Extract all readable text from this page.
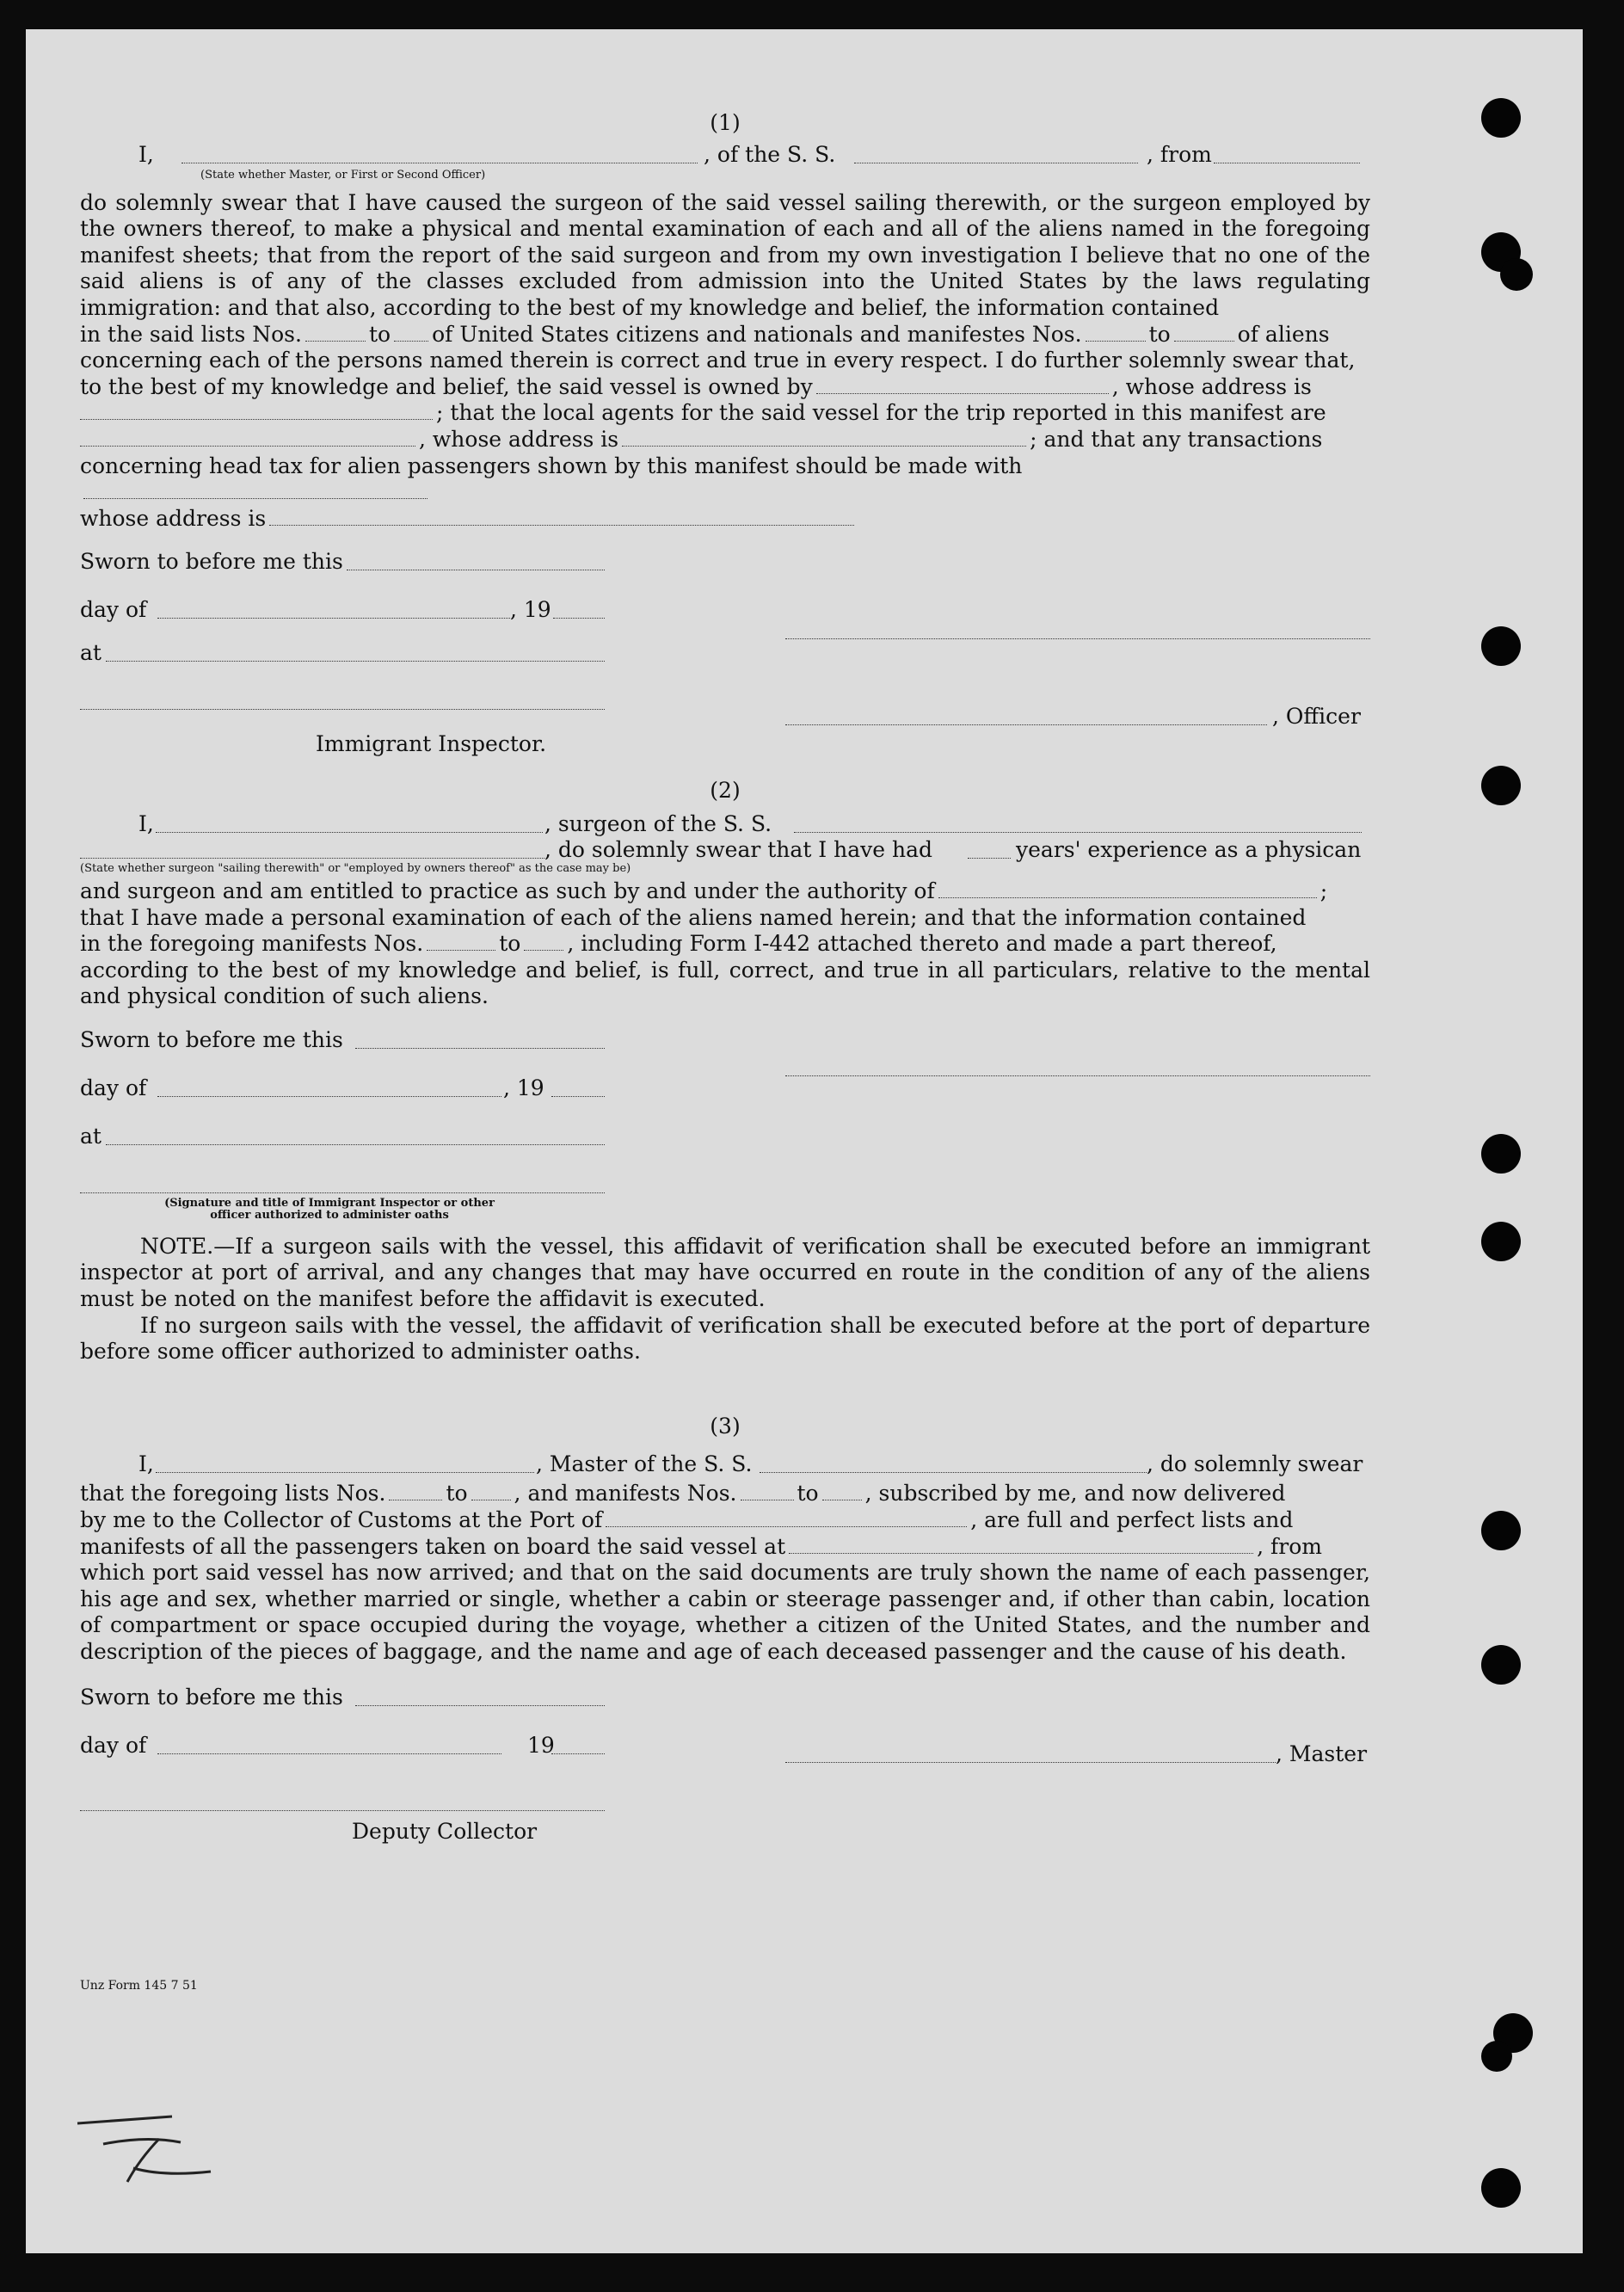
(1)
I,	, of the S. S.	, from
(State whether Master, or First or Second Officer)

do solemnly swear that I have caused the surgeon of the said vessel sailing therewith, or the surgeon employed by the owners thereof, to make a physical and mental examination of each and all of the aliens named in the foregoing manifest sheets; that from the report of the said surgeon and from my own investigation I believe that no one of the said aliens is of any of the classes excluded from admission into the United States by the laws regulating immigration: and that also, according to the best of my knowledge and belief, the information contained

in the said lists Nos.	to of United States citizens and nationals and manifestes Nos.	to	of aliens

concerning each of the persons named therein is correct and true in every respect. I do further solemnly swear that,

to the best of my knowledge and belief, the said vessel is owned by	, whose address is
; that the local agents for the said vessel for the trip reported in this manifest are
, whose address is	; and that any transactions
concerning head tax for alien passengers shown by this manifest should be made with
whose address is
Sworn to before me this
day of	, 19
at
, Officer
Immigrant Inspector.
(2)
I,	, surgeon of the S. S.
, do solemnly swear that I have had	years' experience as a physican
(State whether surgeon "sailing therewith" or "employed by owners thereof" as the case may be)
and surgeon and am entitled to practice as such by and under the authority of	;

that I have made a personal examination of each of the aliens named herein; and that the information contained

in the foregoing manifests Nos.	to , including Form I-442 attached thereto and made a part thereof,

according to the best of my knowledge and belief, is full, correct, and true in all particulars, relative to the mental and physical condition of such aliens.

Sworn to before me this
day of	, 19
at
(Signature and title of Immigrant Inspector or other officer authorized to administer oaths

NOTE.—If a surgeon sails with the vessel, this affidavit of verification shall be executed before an immigrant inspector at port of arrival, and any changes that may have occurred en route in the condition of any of the aliens must be noted on the manifest before the affidavit is executed.

If no surgeon sails with the vessel, the affidavit of verification shall be executed before at the port of departure before some officer authorized to administer oaths.

(3)
I,	, Master of the S. S.	, do solemnly swear
that the foregoing lists Nos.	to , and manifests Nos.	to , subscribed by me, and now delivered
by me to the Collector of Customs at the Port of	, are full and perfect lists and
manifests of all the passengers taken on board the said vessel at	, from

which port said vessel has now arrived; and that on the said documents are truly shown the name of each passenger, his age and sex, whether married or single, whether a cabin or steerage passenger and, if other than cabin, location of compartment or space occupied during the voyage, whether a citizen of the United States, and the number and description of the pieces of baggage, and the name and age of each deceased passenger and the cause of his death.

Sworn to before me this
day of	19	, Master
Deputy Collector
Unz Form 145 7 51
